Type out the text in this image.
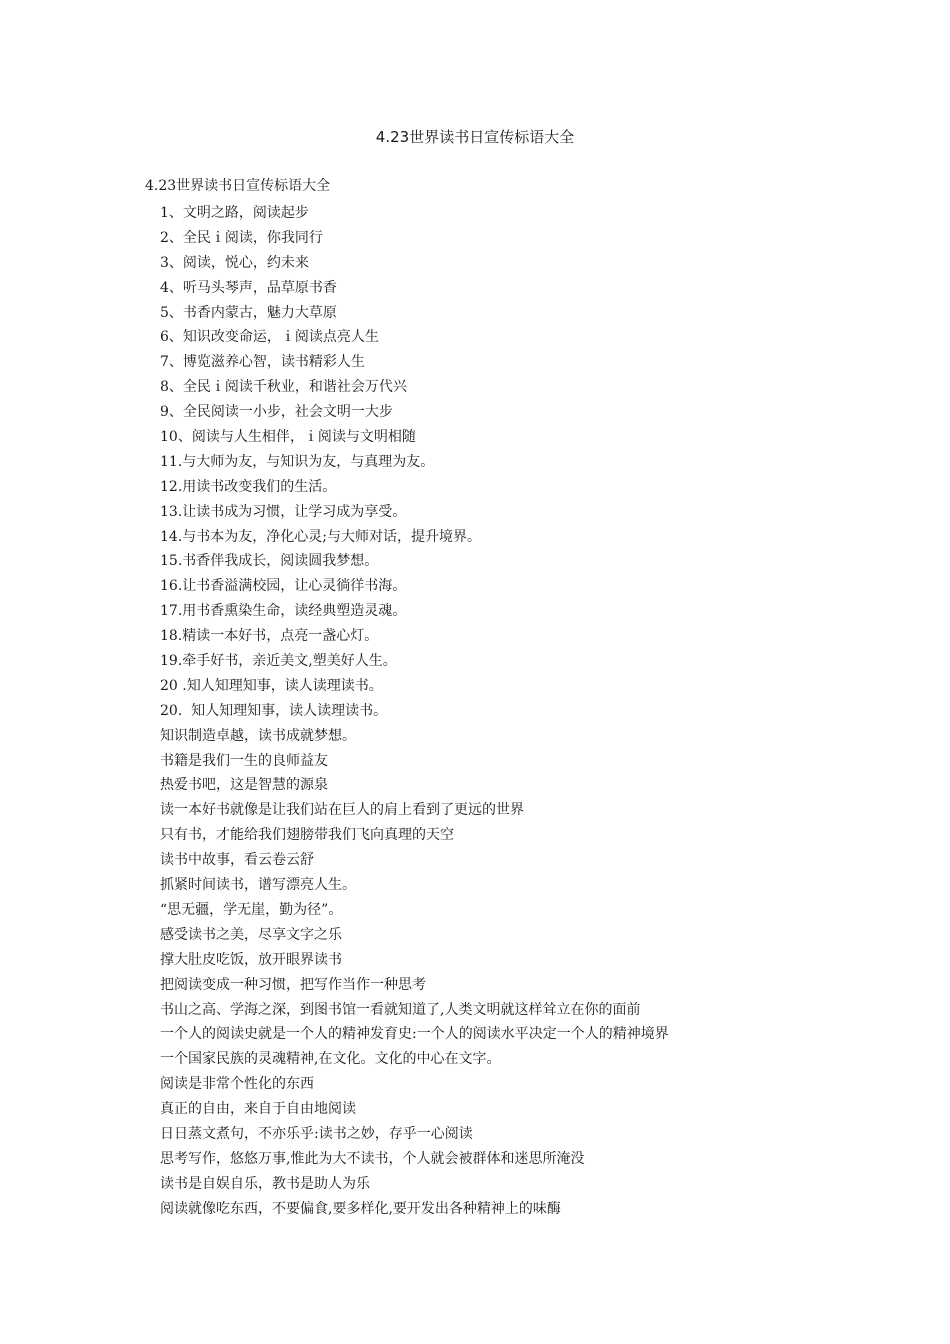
4.23世界读书日宣传标语大全

4.23世界读书日宣传标语大全

1、文明之路，阅读起步
2、全民ｉ阅读，你我同行
3、阅读，悦心，约未来
4、听马头琴声，品草原书香
5、书香内蒙古，魅力大草原
6、知识改变命运，ｉ阅读点亮人生
7、博览滋养心智，读书精彩人生
8、全民ｉ阅读千秋业，和谐社会万代兴
9、全民阅读一小步，社会文明一大步
10、阅读与人生相伴，ｉ阅读与文明相随
11.与大师为友，与知识为友，与真理为友。
12.用读书改变我们的生活。
13.让读书成为习惯，让学习成为享受。
14.与书本为友，净化心灵;与大师对话，提升境界。
15.书香伴我成长，阅读圆我梦想。
16.让书香溢满校园，让心灵徜徉书海。
17.用书香熏染生命，读经典塑造灵魂。
18.精读一本好书，点亮一盏心灯。
19.牵手好书，亲近美文,塑美好人生。
20 .知人知理知事，读人读理读书。
20.  知人知理知事，读人读理读书。
知识制造卓越，读书成就梦想。
书籍是我们一生的良师益友
热爱书吧，这是智慧的源泉
读一本好书就像是让我们站在巨人的肩上看到了更远的世界
只有书，才能给我们翅膀带我们飞向真理的天空
读书中故事，看云卷云舒
抓紧时间读书，谱写漂亮人生。
“思无疆，学无崖，勤为径”。
感受读书之美，尽享文字之乐
撑大肚皮吃饭，放开眼界读书
把阅读变成一种习惯，把写作当作一种思考
书山之高、学海之深，到图书馆一看就知道了,人类文明就这样耸立在你的面前
一个人的阅读史就是一个人的精神发育史:一个人的阅读水平决定一个人的精神境界
一个国家民族的灵魂精神,在文化。文化的中心在文字。
阅读是非常个性化的东西
真正的自由，来自于自由地阅读
日日蒸文煮句，不亦乐乎:读书之妙，存乎一心阅读
思考写作，悠悠万事,惟此为大不读书，个人就会被群体和迷思所淹没
读书是自娱自乐，教书是助人为乐
阅读就像吃东西，不要偏食,要多样化,要开发出各种精神上的味酶
